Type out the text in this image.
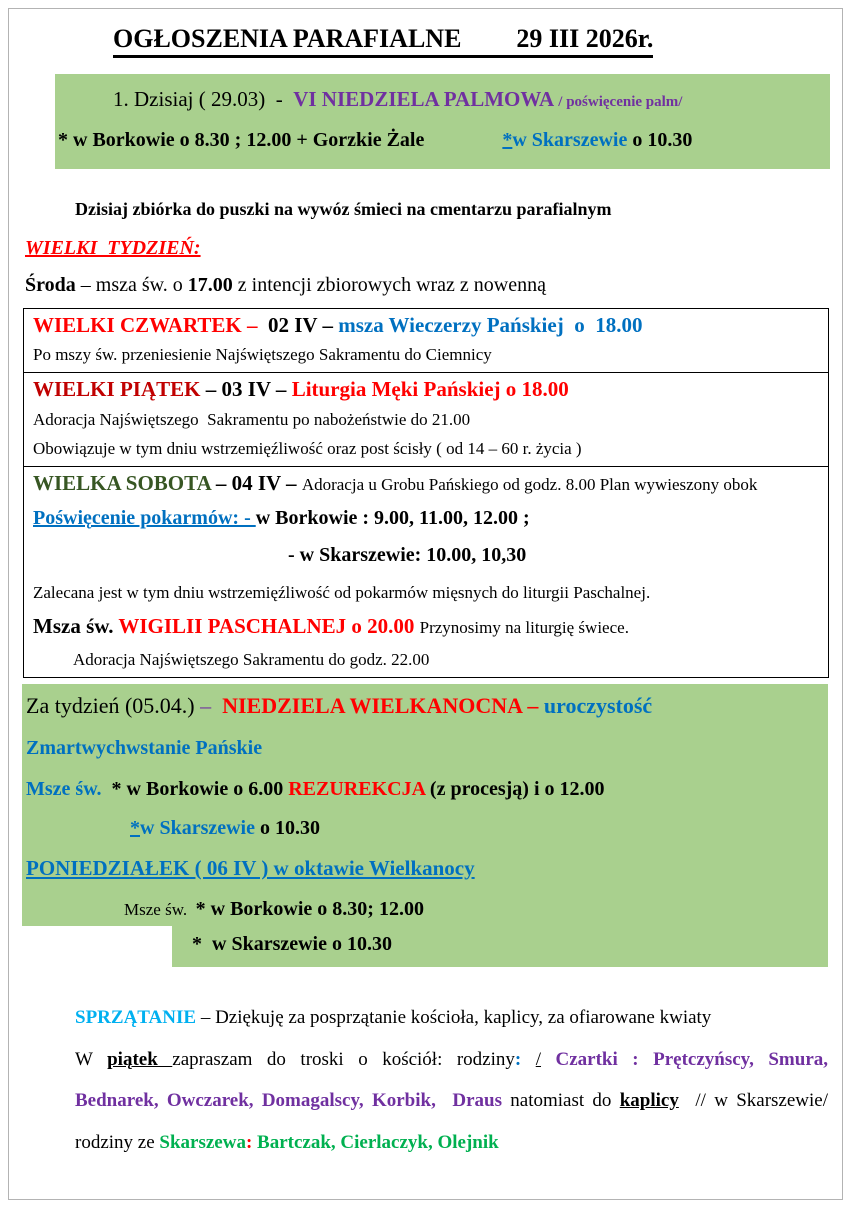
OGŁOSZENIA PARAFIALNE 29 III 2026r.
1. Dzisiaj ( 29.03)  -  VI NIEDZIELA PALMOWA / poświęcenie palm/
* w Borkowie o 8.30 ; 12.00 + Gorzkie Żale	*w Skarszewie o 10.30
Dzisiaj zbiórka do puszki na wywóz śmieci na cmentarzu parafialnym
WIELKI  TYDZIEŃ:
Środa – msza św. o 17.00 z intencji zbiorowych wraz z nowenną
WIELKI CZWARTEK –  02 IV – msza Wieczerzy Pańskiej  o  18.00
Po mszy św. przeniesienie Najświętszego Sakramentu do Ciemnicy
WIELKI PIĄTEK – 03 IV – Liturgia Męki Pańskiej o 18.00
Adoracja Najświętszego  Sakramentu po nabożeństwie do 21.00
Obowiązuje w tym dniu wstrzemięźliwość oraz post ścisły ( od 14 – 60 r. życia )
WIELKA SOBOTA – 04 IV – Adoracja u Grobu Pańskiego od godz. 8.00 Plan wywieszony obok
Poświęcenie pokarmów: - w Borkowie : 9.00, 11.00, 12.00 ;
- w Skarszewie: 10.00, 10,30
Zalecana jest w tym dniu wstrzemięźliwość od pokarmów mięsnych do liturgii Paschalnej.
Msza św. WIGILII PASCHALNEJ o 20.00 Przynosimy na liturgię świece.
Adoracja Najświętszego Sakramentu do godz. 22.00
Za tydzień (05.04.) –  NIEDZIELA WIELKANOCNA – uroczystość
Zmartwychwstanie Pańskie
Msze św.  * w Borkowie o 6.00 REZUREKCJA (z procesją) i o 12.00
*w Skarszewie o 10.30
PONIEDZIAŁEK ( 06 IV ) w oktawie Wielkanocy
Msze św.  * w Borkowie o 8.30; 12.00
*  w Skarszewie o 10.30
SPRZĄTANIE – Dziękuję za posprzątanie kościoła, kaplicy, za ofiarowane kwiaty
W piątek zapraszam do troski o kościół: rodziny: / Czartki : Prętczyńscy, Smura,
Bednarek, Owczarek, Domagalscy, Korbik,  Draus natomiast do kaplicy  // w Skarszewie/
rodziny ze Skarszewa: Bartczak, Cierlaczyk, Olejnik
